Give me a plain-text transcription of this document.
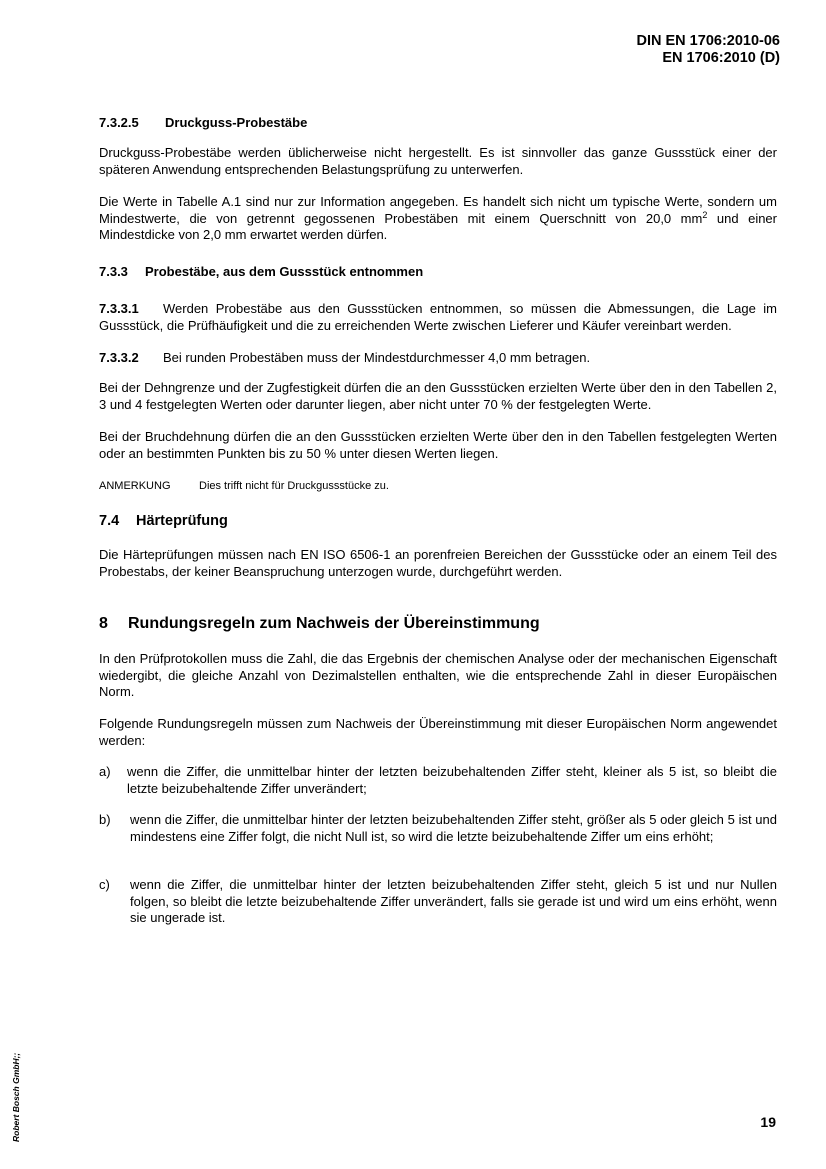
DIN EN 1706:2010-06
EN 1706:2010 (D)
7.3.2.5 Druckguss-Probestäbe
Druckguss-Probestäbe werden üblicherweise nicht hergestellt. Es ist sinnvoller das ganze Gussstück einer der späteren Anwendung entsprechenden Belastungsprüfung zu unterwerfen.
Die Werte in Tabelle A.1 sind nur zur Information angegeben. Es handelt sich nicht um typische Werte, sondern um Mindestwerte, die von getrennt gegossenen Probestäben mit einem Querschnitt von 20,0 $mm^2$ und einer Mindestdicke von 2,0 mm erwartet werden dürfen.
7.3.3 Probestäbe, aus dem Gussstück entnommen
7.3.3.1 Werden Probestäbe aus den Gussstücken entnommen, so müssen die Abmessungen, die Lage im Gussstück, die Prüfhäufigkeit und die zu erreichenden Werte zwischen Lieferer und Käufer vereinbart werden.
7.3.3.2 Bei runden Probestäben muss der Mindestdurchmesser 4,0 mm betragen.
Bei der Dehngrenze und der Zugfestigkeit dürfen die an den Gussstücken erzielten Werte über den in den Tabellen 2, 3 und 4 festgelegten Werten oder darunter liegen, aber nicht unter 70 % der festgelegten Werte.
Bei der Bruchdehnung dürfen die an den Gussstücken erzielten Werte über den in den Tabellen festgelegten Werten oder an bestimmten Punkten bis zu 50 % unter diesen Werten liegen.
ANMERKUNG	Dies trifft nicht für Druckgussstücke zu.
7.4 Härteprüfung
Die Härteprüfungen müssen nach EN ISO 6506-1 an porenfreien Bereichen der Gussstücke oder an einem Teil des Probestabs, der keiner Beanspruchung unterzogen wurde, durchgeführt werden.
8 Rundungsregeln zum Nachweis der Übereinstimmung
In den Prüfprotokollen muss die Zahl, die das Ergebnis der chemischen Analyse oder der mechanischen Eigenschaft wiedergibt, die gleiche Anzahl von Dezimalstellen enthalten, wie die entsprechende Zahl in dieser Europäischen Norm.
Folgende Rundungsregeln müssen zum Nachweis der Übereinstimmung mit dieser Europäischen Norm angewendet werden:
a) wenn die Ziffer, die unmittelbar hinter der letzten beizubehaltenden Ziffer steht, kleiner als 5 ist, so bleibt die letzte beizubehaltende Ziffer unverändert;
b) wenn die Ziffer, die unmittelbar hinter der letzten beizubehaltenden Ziffer steht, größer als 5 oder gleich 5 ist und mindestens eine Ziffer folgt, die nicht Null ist, so wird die letzte beizubehaltende Ziffer um eins erhöht;
c) wenn die Ziffer, die unmittelbar hinter der letzten beizubehaltenden Ziffer steht, gleich 5 ist und nur Nullen folgen, so bleibt die letzte beizubehaltende Ziffer unverändert, falls sie gerade ist und wird um eins erhöht, wenn sie ungerade ist.
19
Robert Bosch GmbH;;
